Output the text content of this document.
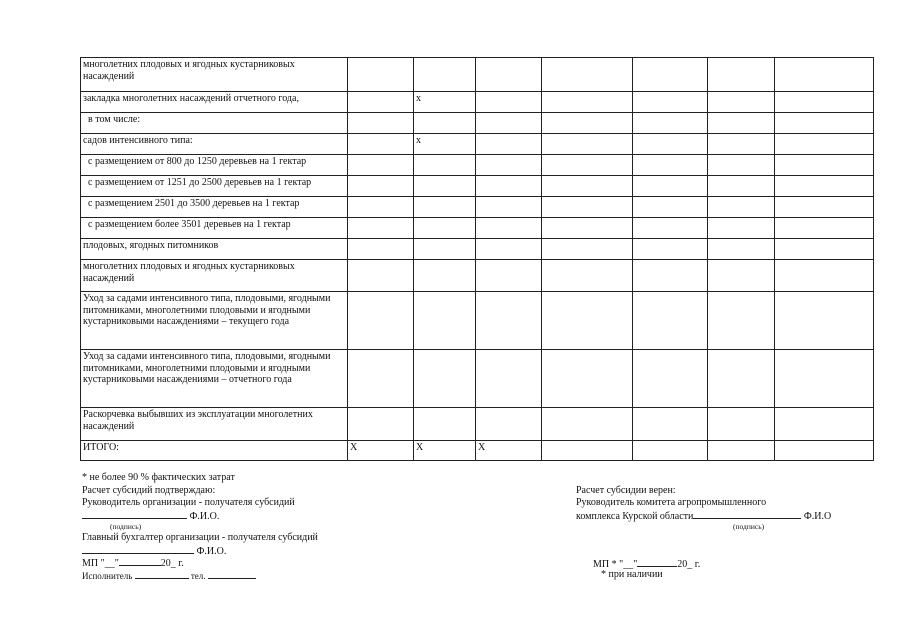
многолетних плодовых и ягодных кустарниковых насаждений							
закладка многолетних насаждений отчетного года,		х					
в том числе:							
садов интенсивного типа:		х					
с размещением от 800 до 1250 деревьев на 1 гектар							
с размещением от 1251 до 2500 деревьев на 1 гектар							
с размещением 2501 до 3500 деревьев на 1 гектар							
с размещением более 3501 деревьев на 1 гектар							
плодовых, ягодных питомников							
многолетних плодовых и ягодных кустарниковых насаждений							
Уход за садами интенсивного типа, плодовыми, ягодными питомниками, многолетними плодовыми и ягодными кустарниковыми насаждениями – текущего года							
Уход за садами интенсивного типа, плодовыми, ягодными питомниками, многолетними плодовыми и ягодными кустарниковыми насаждениями – отчетного года							
Раскорчевка выбывших из эксплуатации многолетних насаждений							
ИТОГО:	Х	Х	Х				
* не более 90 % фактических затрат
Расчет субсидий подтверждаю:
Руководитель организации - получателя субсидий
Ф.И.О.
(подпись)
Главный бухгалтер организации - получателя субсидий
Ф.И.О.
МП "__"	20_ г.
Исполнитель	тел.
Расчет субсидии верен:
Руководитель комитета агропромышленного
комплекса Курской области	Ф.И.О
(подпись)
МП * "__"	20_ г.
* при наличии
